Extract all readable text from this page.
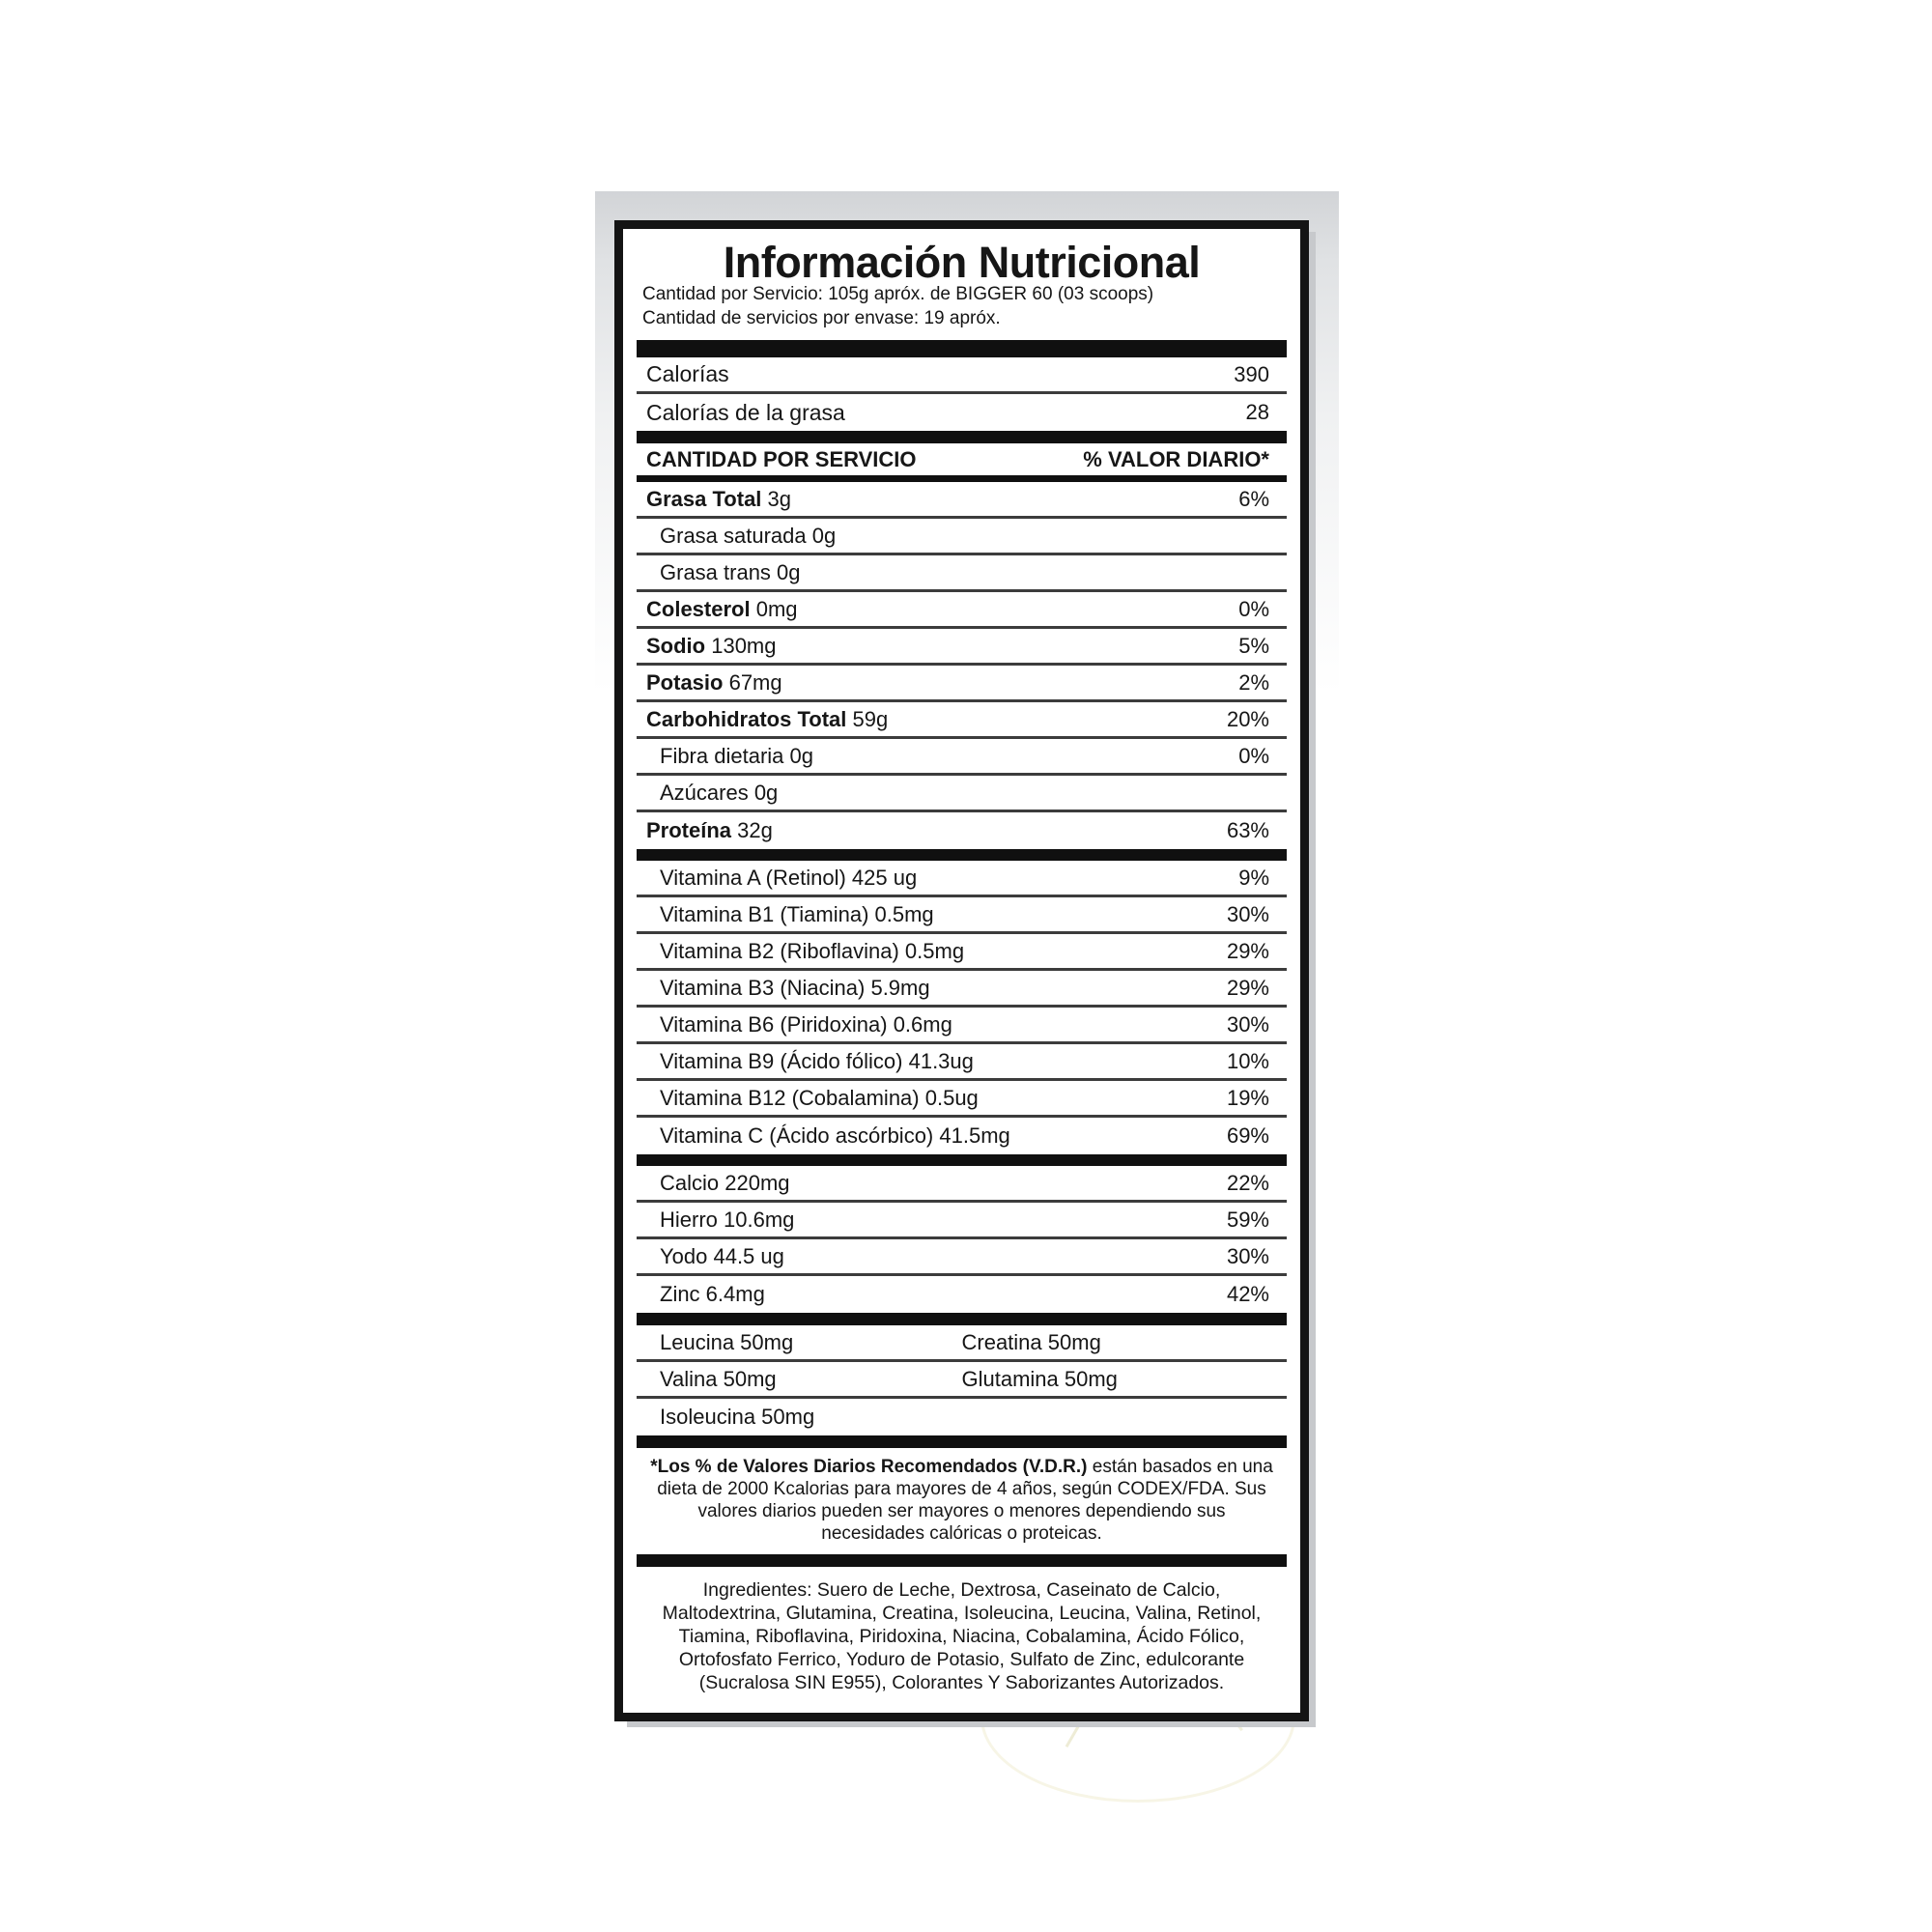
Información Nutricional
Cantidad por Servicio: 105g apróx. de BIGGER 60 (03 scoops)
Cantidad de servicios por envase: 19 apróx.
Calorías	390
Calorías de la grasa	28
CANTIDAD POR SERVICIO	% VALOR DIARIO*
Grasa Total 3g	6%
Grasa saturada 0g
Grasa trans 0g
Colesterol 0mg	0%
Sodio 130mg	5%
Potasio 67mg	2%
Carbohidratos Total 59g	20%
Fibra dietaria 0g	0%
Azúcares 0g
Proteína 32g	63%
Vitamina A (Retinol) 425 ug	9%
Vitamina B1 (Tiamina) 0.5mg	30%
Vitamina B2 (Riboflavina) 0.5mg	29%
Vitamina B3 (Niacina) 5.9mg	29%
Vitamina B6 (Piridoxina) 0.6mg	30%
Vitamina B9 (Ácido fólico) 41.3ug	10%
Vitamina B12 (Cobalamina) 0.5ug	19%
Vitamina C (Ácido ascórbico) 41.5mg	69%
Calcio 220mg	22%
Hierro 10.6mg	59%
Yodo 44.5 ug	30%
Zinc 6.4mg	42%
Leucina 50mg	Creatina 50mg
Valina 50mg	Glutamina 50mg
Isoleucina 50mg
*Los % de Valores Diarios Recomendados (V.D.R.) están basados en una dieta de 2000 Kcalorias para mayores de 4 años, según CODEX/FDA. Sus valores diarios pueden ser mayores o menores dependiendo sus necesidades calóricas o proteicas.
Ingredientes: Suero de Leche, Dextrosa, Caseinato de Calcio, Maltodextrina, Glutamina, Creatina, Isoleucina, Leucina, Valina, Retinol, Tiamina, Riboflavina, Piridoxina, Niacina, Cobalamina, Ácido Fólico, Ortofosfato Ferrico, Yoduro de Potasio, Sulfato de Zinc, edulcorante (Sucralosa SIN E955), Colorantes Y Saborizantes Autorizados.
